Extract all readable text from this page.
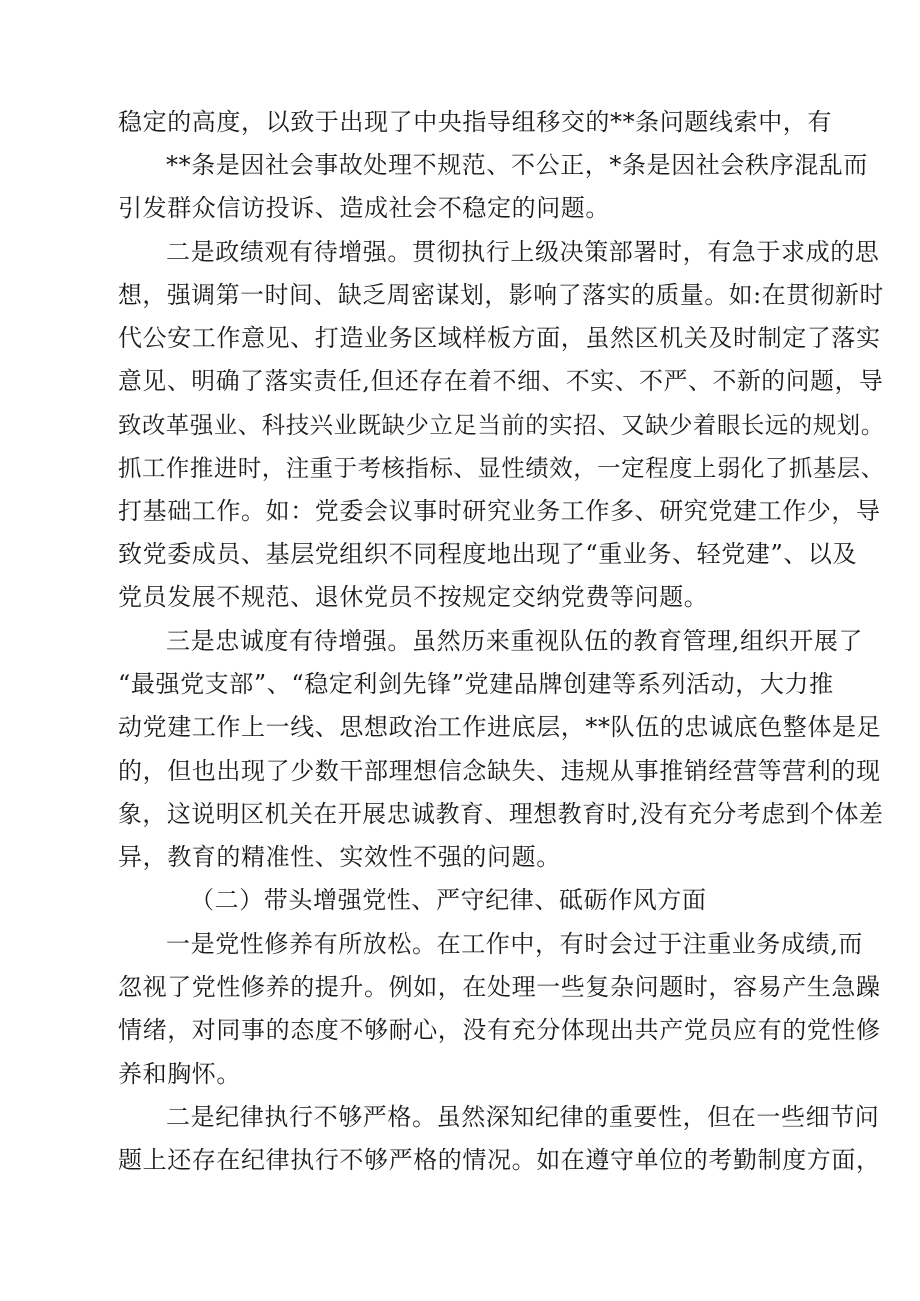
稳定的高度，以致于出现了中央指导组移交的**条问题线索中，有
**条是因社会事故处理不规范、不公正，*条是因社会秩序混乱而
引发群众信访投诉、造成社会不稳定的问题。
二是政绩观有待增强。贯彻执行上级决策部署时，有急于求成的思
想，强调第一时间、缺乏周密谋划，影响了落实的质量。如:在贯彻新时
代公安工作意见、打造业务区域样板方面，虽然区机关及时制定了落实
意见、明确了落实责任,但还存在着不细、不实、不严、不新的问题，导
致改革强业、科技兴业既缺少立足当前的实招、又缺少着眼长远的规划。
抓工作推进时，注重于考核指标、显性绩效，一定程度上弱化了抓基层、
打基础工作。如：党委会议事时研究业务工作多、研究党建工作少，导
致党委成员、基层党组织不同程度地出现了“重业务、轻党建”、以及
党员发展不规范、退休党员不按规定交纳党费等问题。
三是忠诚度有待增强。虽然历来重视队伍的教育管理,组织开展了
“最强党支部”、“稳定利剑先锋”党建品牌创建等系列活动，大力推
动党建工作上一线、思想政治工作进底层，**队伍的忠诚底色整体是足
的，但也出现了少数干部理想信念缺失、违规从事推销经营等营利的现
象，这说明区机关在开展忠诚教育、理想教育时,没有充分考虑到个体差
异，教育的精准性、实效性不强的问题。
（二）带头增强党性、严守纪律、砥砺作风方面
一是党性修养有所放松。在工作中，有时会过于注重业务成绩,而
忽视了党性修养的提升。例如，在处理一些复杂问题时，容易产生急躁
情绪，对同事的态度不够耐心，没有充分体现出共产党员应有的党性修
养和胸怀。
二是纪律执行不够严格。虽然深知纪律的重要性，但在一些细节问
题上还存在纪律执行不够严格的情况。如在遵守单位的考勤制度方面，
